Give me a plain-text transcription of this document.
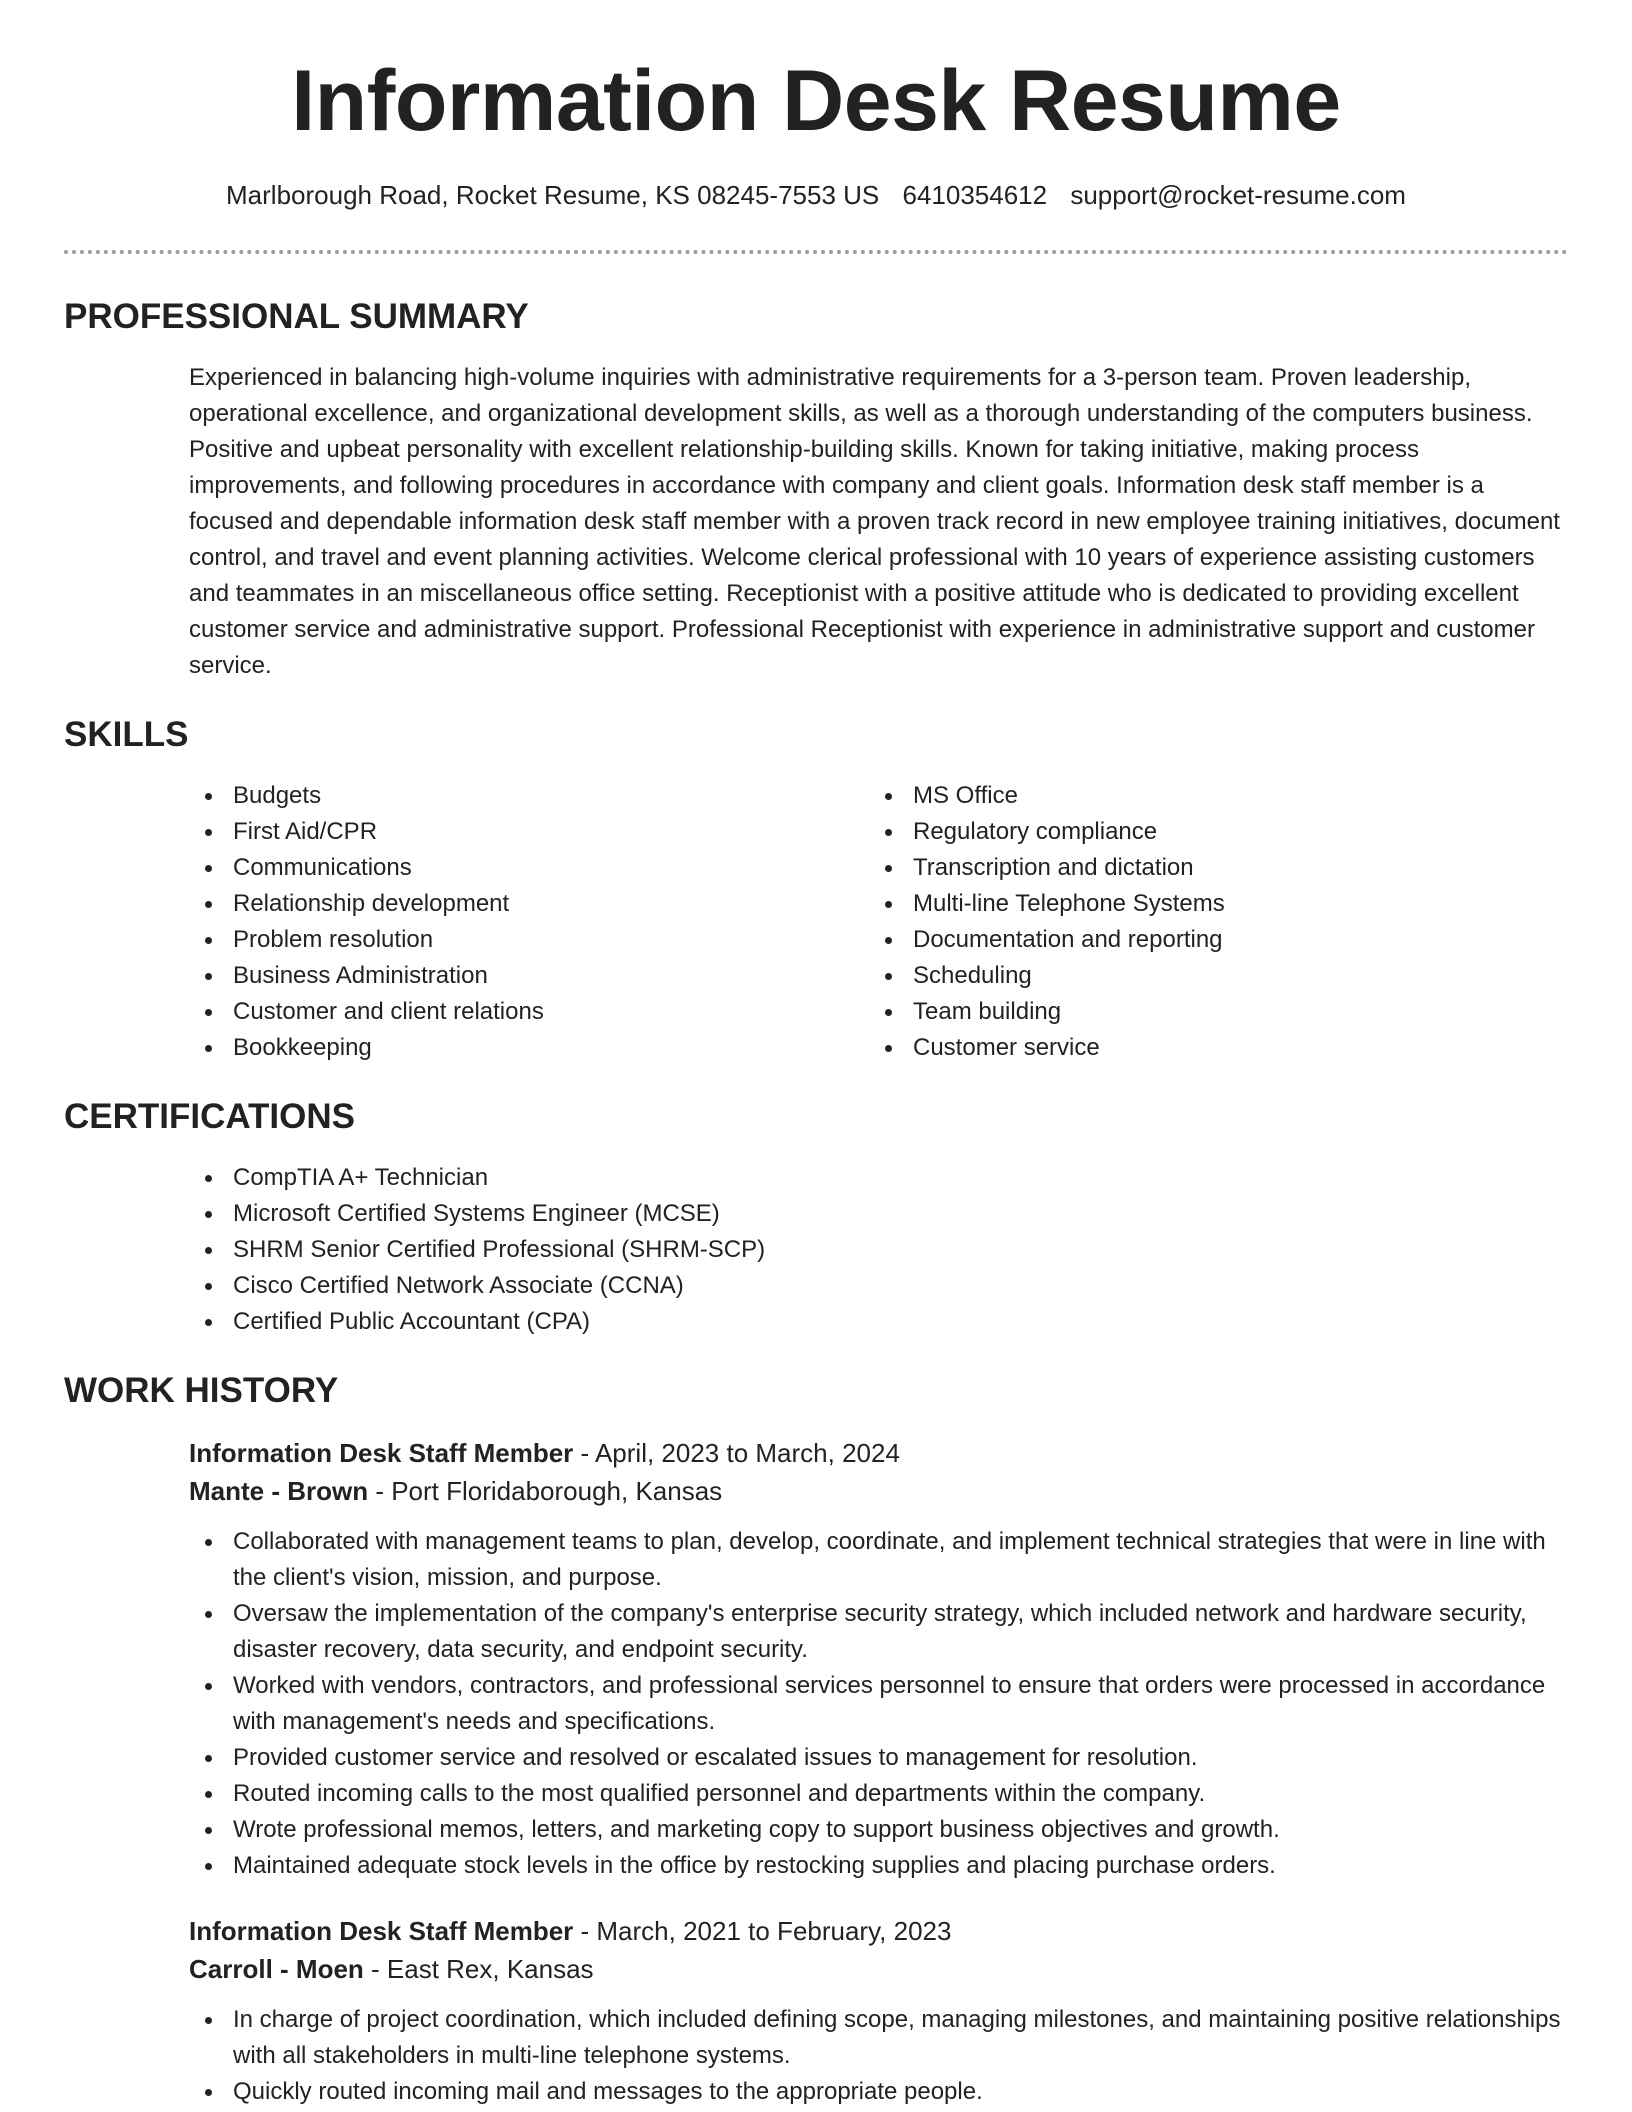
Information Desk Resume
Marlborough Road, Rocket Resume, KS 08245-7553 US 6410354612 support@rocket-resume.com
PROFESSIONAL SUMMARY

Experienced in balancing high-volume inquiries with administrative requirements for a 3-person team. Proven leadership, operational excellence, and organizational development skills, as well as a thorough understanding of the computers business. Positive and upbeat personality with excellent relationship-building skills. Known for taking initiative, making process improvements, and following procedures in accordance with company and client goals. Information desk staff member is a focused and dependable information desk staff member with a proven track record in new employee training initiatives, document control, and travel and event planning activities. Welcome clerical professional with 10 years of experience assisting customers and teammates in an miscellaneous office setting. Receptionist with a positive attitude who is dedicated to providing excellent customer service and administrative support. Professional Receptionist with experience in administrative support and customer service.

SKILLS
Budgets
First Aid/CPR
Communications
Relationship development
Problem resolution
Business Administration
Customer and client relations
Bookkeeping
MS Office
Regulatory compliance
Transcription and dictation
Multi-line Telephone Systems
Documentation and reporting
Scheduling
Team building
Customer service
CERTIFICATIONS
CompTIA A+ Technician
Microsoft Certified Systems Engineer (MCSE)
SHRM Senior Certified Professional (SHRM-SCP)
Cisco Certified Network Associate (CCNA)
Certified Public Accountant (CPA)
WORK HISTORY
Information Desk Staff Member - April, 2023 to March, 2024
Mante - Brown - Port Floridaborough, Kansas
Collaborated with management teams to plan, develop, coordinate, and implement technical strategies that were in line with the client's vision, mission, and purpose.
Oversaw the implementation of the company's enterprise security strategy, which included network and hardware security, disaster recovery, data security, and endpoint security.
Worked with vendors, contractors, and professional services personnel to ensure that orders were processed in accordance with management's needs and specifications.
Provided customer service and resolved or escalated issues to management for resolution.
Routed incoming calls to the most qualified personnel and departments within the company.
Wrote professional memos, letters, and marketing copy to support business objectives and growth.
Maintained adequate stock levels in the office by restocking supplies and placing purchase orders.
Information Desk Staff Member - March, 2021 to February, 2023
Carroll - Moen - East Rex, Kansas
In charge of project coordination, which included defining scope, managing milestones, and maintaining positive relationships with all stakeholders in multi-line telephone systems.
Quickly routed incoming mail and messages to the appropriate people.
